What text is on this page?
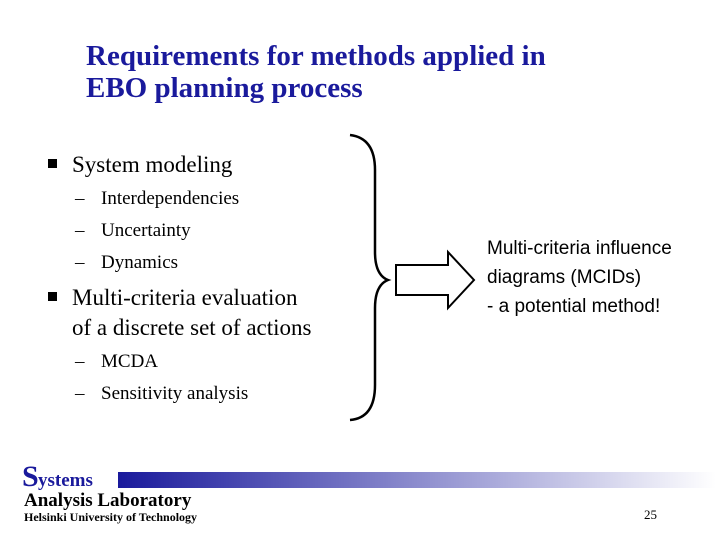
Requirements for methods applied in
EBO planning process
System modeling
– Interdependencies
– Uncertainty
– Dynamics
Multi-criteria evaluation
of a discrete set of actions
– MCDA
– Sensitivity analysis
Multi-criteria influence
diagrams (MCIDs)
- a potential method!
S ystems
Analysis Laboratory
Helsinki University of Technology	25
